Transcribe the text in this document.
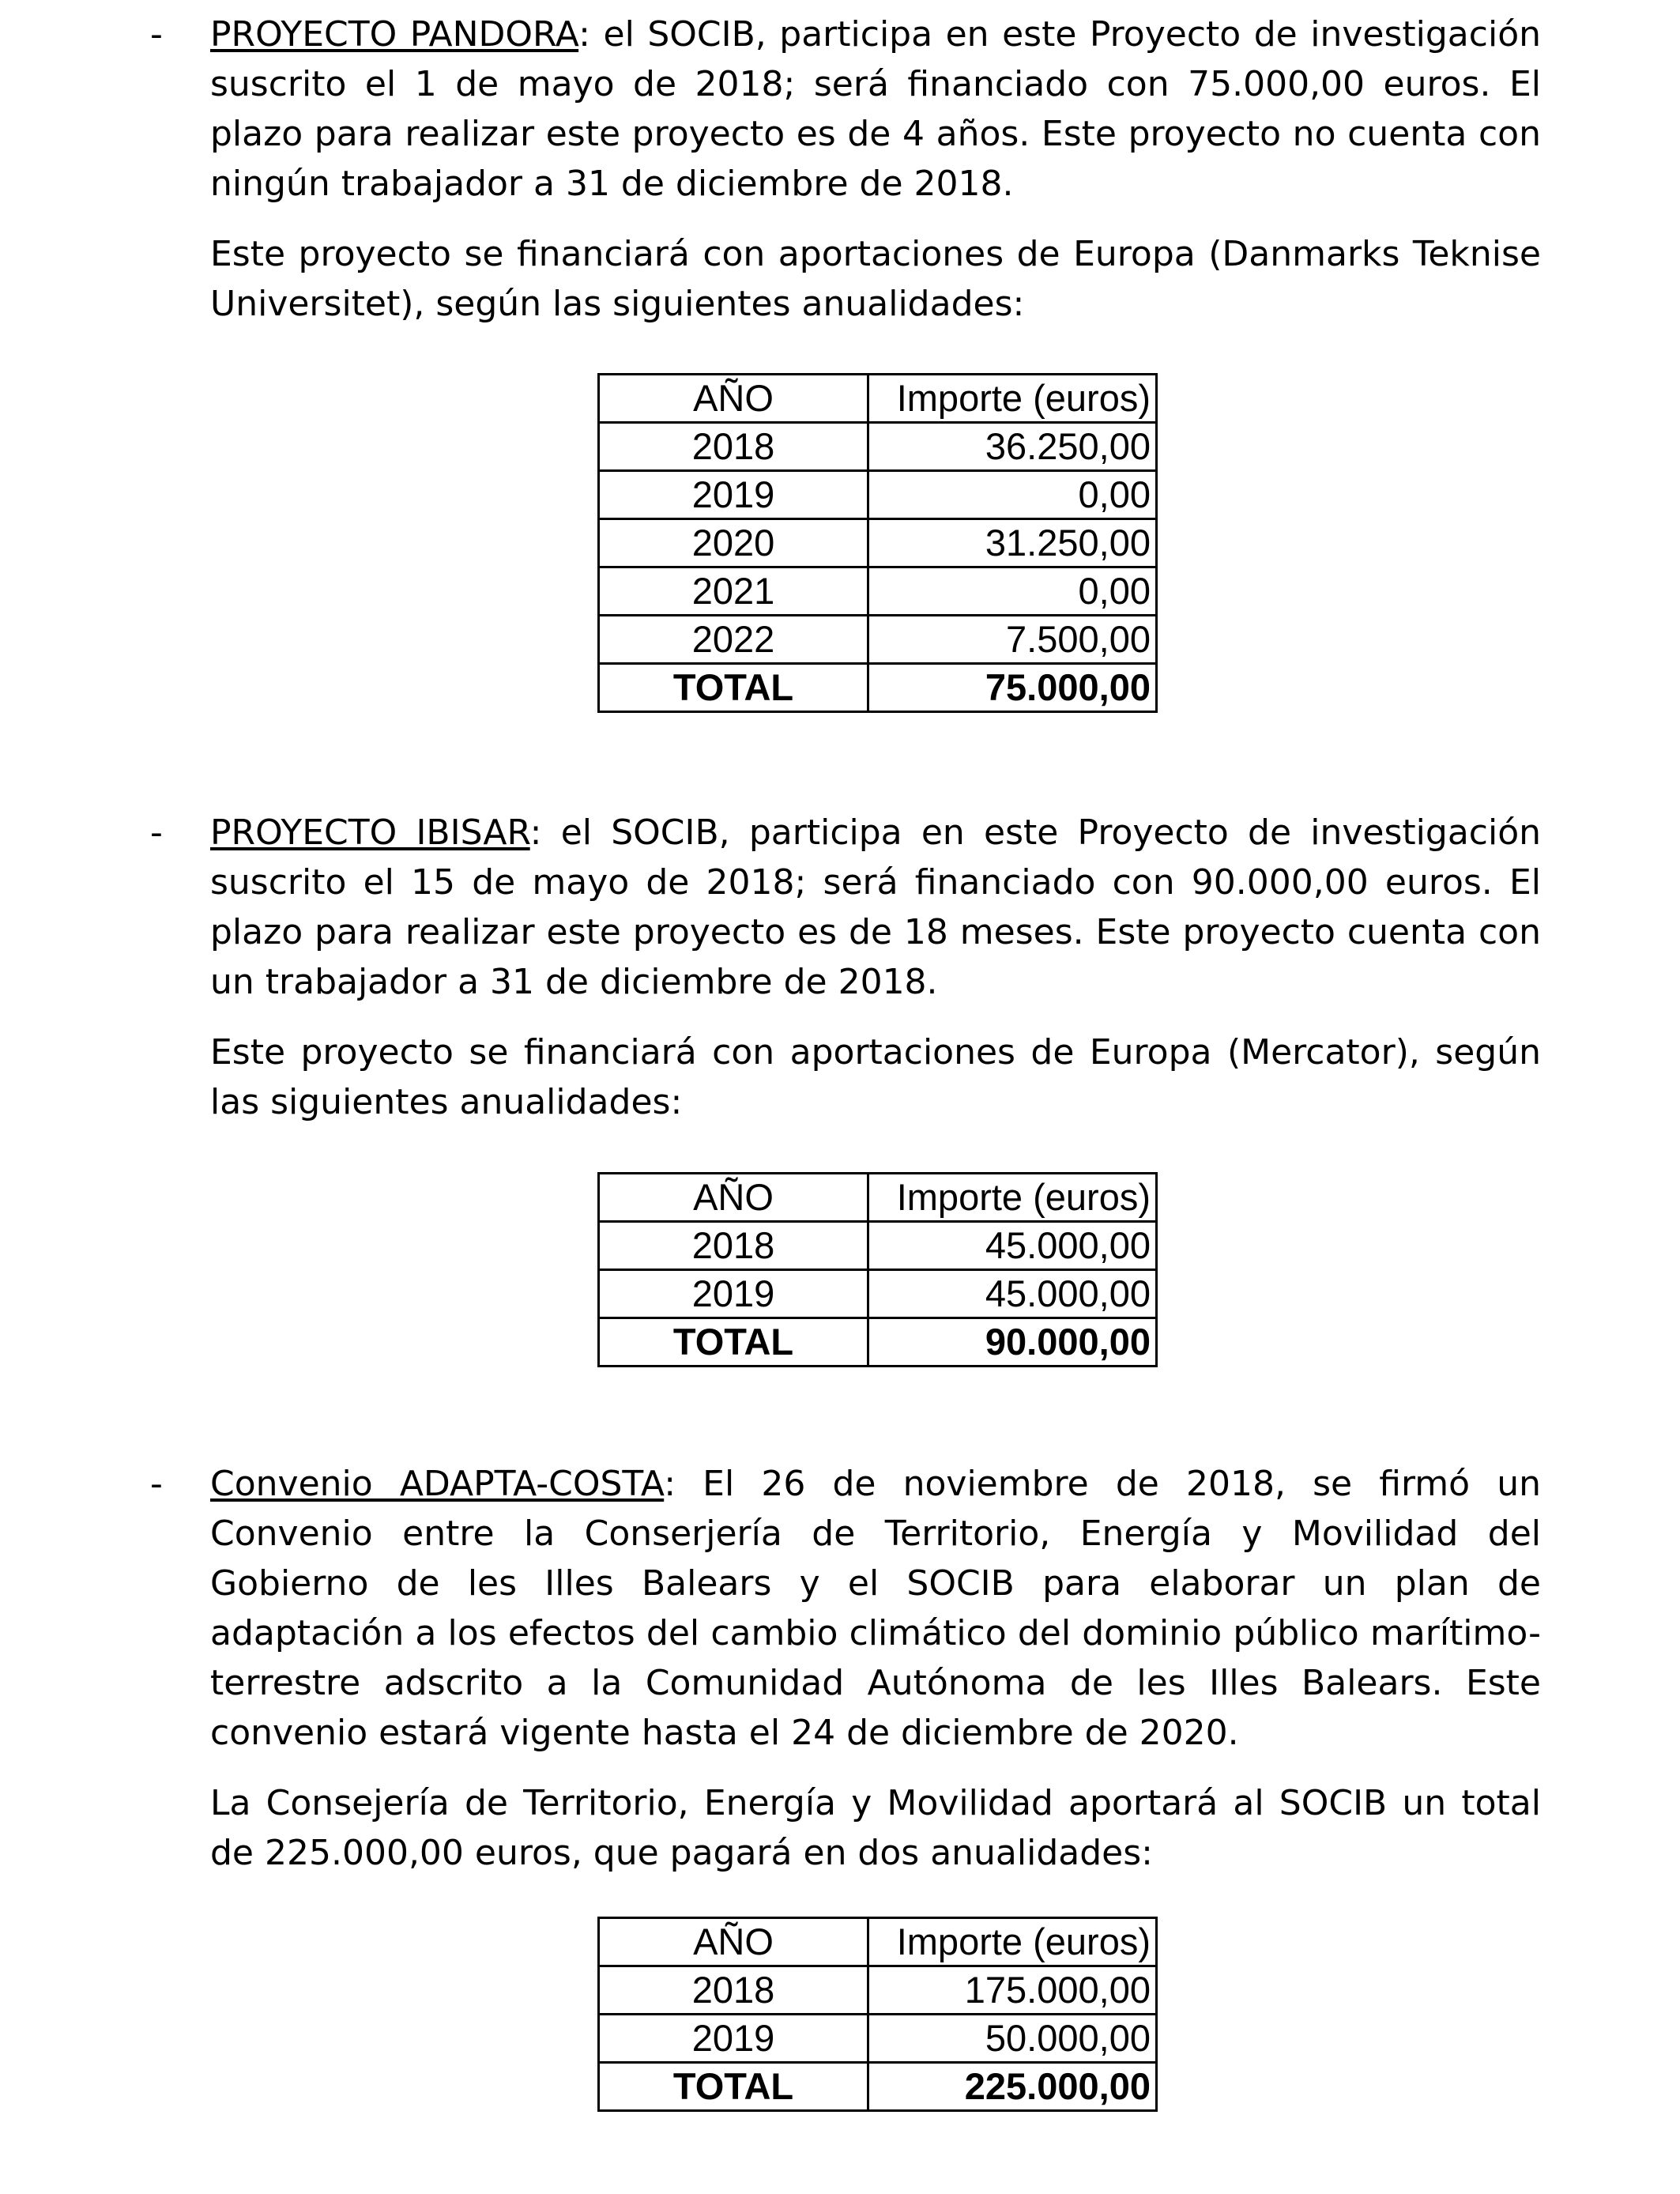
- PROYECTO PANDORA: el SOCIB, participa en este Proyecto de investigación suscrito el 1 de mayo de 2018; será financiado con 75.000,00 euros. El plazo para realizar este proyecto es de 4 años. Este proyecto no cuenta con ningún trabajador a 31 de diciembre de 2018.

Este proyecto se financiará con aportaciones de Europa (Danmarks Teknise Universitet), según las siguientes anualidades:

AÑO	Importe (euros)
2018	36.250,00
2019	0,00
2020	31.250,00
2021	0,00
2022	7.500,00
TOTAL	75.000,00
- PROYECTO IBISAR: el SOCIB, participa en este Proyecto de investigación suscrito el 15 de mayo de 2018; será financiado con 90.000,00 euros. El plazo para realizar este proyecto es de 18 meses. Este proyecto cuenta con un trabajador a 31 de diciembre de 2018.

Este proyecto se financiará con aportaciones de Europa (Mercator), según las siguientes anualidades:

AÑO	Importe (euros)
2018	45.000,00
2019	45.000,00
TOTAL	90.000,00
- Convenio ADAPTA-COSTA: El 26 de noviembre de 2018, se firmó un Convenio entre la Conserjería de Territorio, Energía y Movilidad del Gobierno de les Illes Balears y el SOCIB para elaborar un plan de adaptación a los efectos del cambio climático del dominio público marítimo-terrestre adscrito a la Comunidad Autónoma de les Illes Balears. Este convenio estará vigente hasta el 24 de diciembre de 2020.

La Consejería de Territorio, Energía y Movilidad aportará al SOCIB un total de 225.000,00 euros, que pagará en dos anualidades:

AÑO	Importe (euros)
2018	175.000,00
2019	50.000,00
TOTAL	225.000,00
